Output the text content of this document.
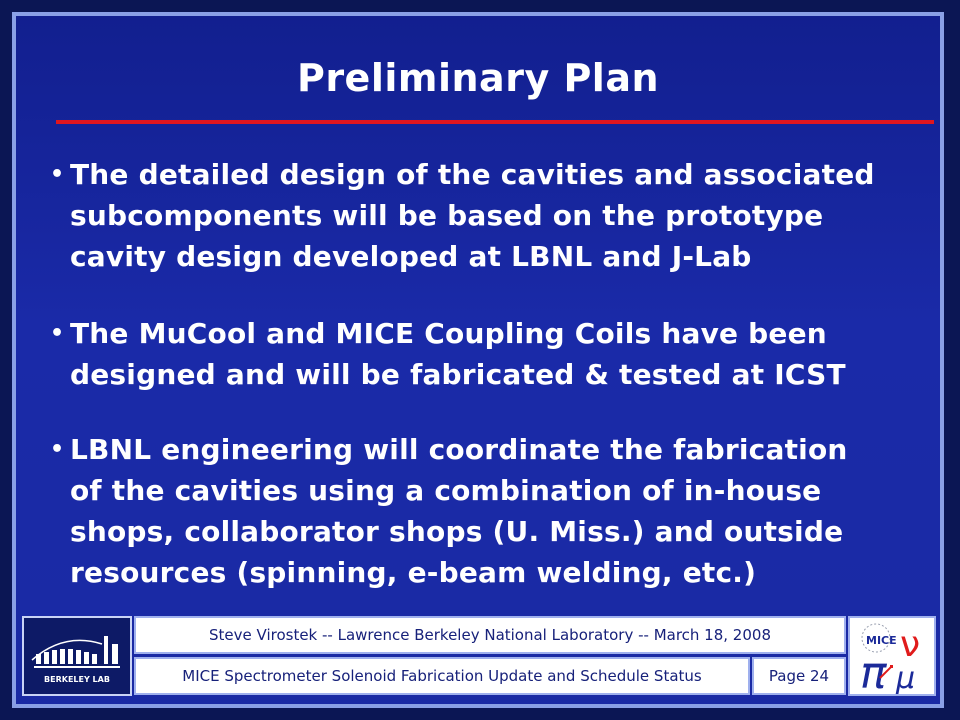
Preliminary Plan
• The detailed design of the cavities and associated
subcomponents will be based on the prototype
cavity design developed at LBNL and J-Lab
• The MuCool and MICE Coupling Coils have been
designed and will be fabricated & tested at ICST
• LBNL engineering will coordinate the fabrication
of the cavities using a combination of in-house
shops, collaborator shops (U. Miss.) and outside
resources (spinning, e-beam welding, etc.)
BERKELEY LAB
Steve Virostek -- Lawrence Berkeley National Laboratory -- March 18, 2008
MICE Spectrometer Solenoid Fabrication Update and Schedule Status	Page 24
MICE
π
ν
μ
